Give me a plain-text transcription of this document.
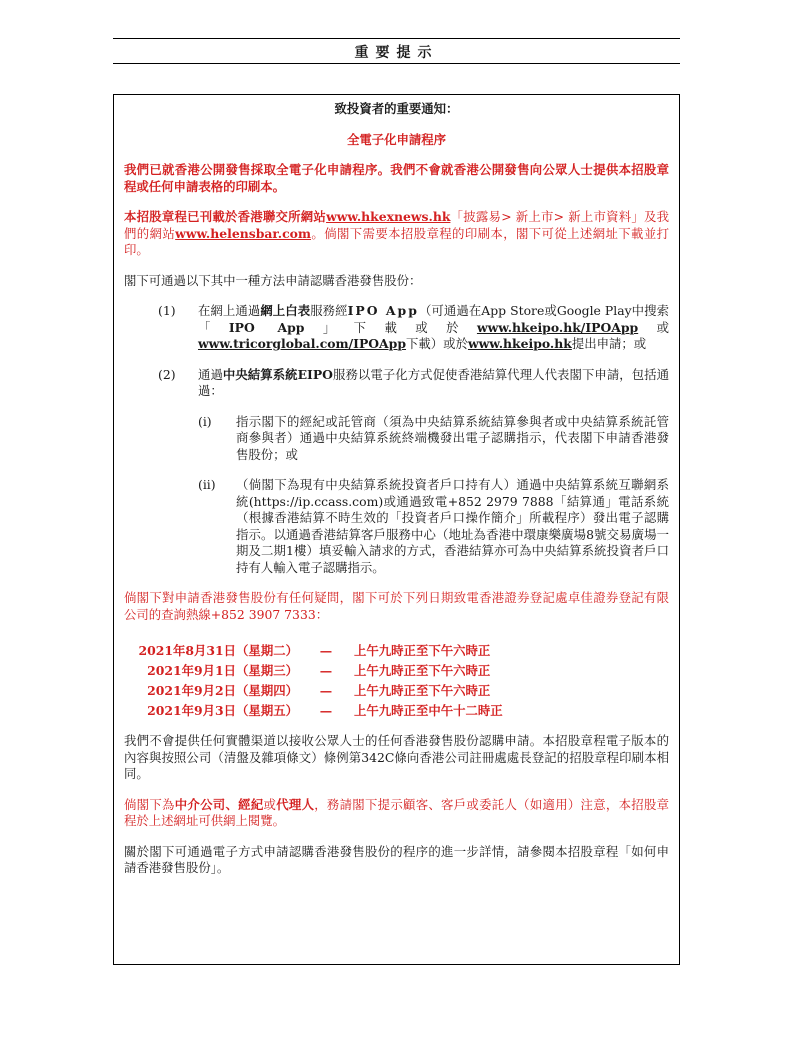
重要提示

致投資者的重要通知：

全電子化申請程序

我們已就香港公開發售採取全電子化申請程序。我們不會就香港公開發售向公眾人士提供本招股章程或任何申請表格的印刷本。

本招股章程已刊載於香港聯交所網站www.hkexnews.hk「披露易> 新上市> 新上市資料」及我們的網站www.helensbar.com。倘閣下需要本招股章程的印刷本，閣下可從上述網址下載並打印。

閣下可通過以下其中一種方法申請認購香港發售股份：

(1)	在網上通過網上白表服務經IPO App（可通過在App Store或Google Play中搜索「IPO App」下載或於www.hkeipo.hk/IPOApp或www.tricorglobal.com/IPOApp下載）或於www.hkeipo.hk提出申請；或
(2)	通過中央結算系統EIPO服務以電子化方式促使香港結算代理人代表閣下申請，包括通過：
(i)	指示閣下的經紀或託管商（須為中央結算系統結算參與者或中央結算系統託管商參與者）通過中央結算系統終端機發出電子認購指示，代表閣下申請香港發售股份；或
(ii)	（倘閣下為現有中央結算系統投資者戶口持有人）通過中央結算系統互聯網系統(https://ip.ccass.com)或通過致電+852 2979 7888「結算通」電話系統（根據香港結算不時生效的「投資者戶口操作簡介」所載程序）發出電子認購指示。以通過香港結算客戶服務中心（地址為香港中環康樂廣場8號交易廣場一期及二期1樓）填妥輸入請求的方式，香港結算亦可為中央結算系統投資者戶口持有人輸入電子認購指示。

倘閣下對申請香港發售股份有任何疑問，閣下可於下列日期致電香港證券登記處卓佳證券登記有限公司的查詢熱線+852 3907 7333：

2021年8月31日（星期二）	—	上午九時正至下午六時正
2021年9月1日（星期三）	—	上午九時正至下午六時正
2021年9月2日（星期四）	—	上午九時正至下午六時正
2021年9月3日（星期五）	—	上午九時正至中午十二時正

我們不會提供任何實體渠道以接收公眾人士的任何香港發售股份認購申請。本招股章程電子版本的內容與按照公司（清盤及雜項條文）條例第342C條向香港公司註冊處處長登記的招股章程印刷本相同。

倘閣下為中介公司、經紀或代理人，務請閣下提示顧客、客戶或委託人（如適用）注意，本招股章程於上述網址可供網上閱覽。

關於閣下可通過電子方式申請認購香港發售股份的程序的進一步詳情，請參閱本招股章程「如何申請香港發售股份」。
